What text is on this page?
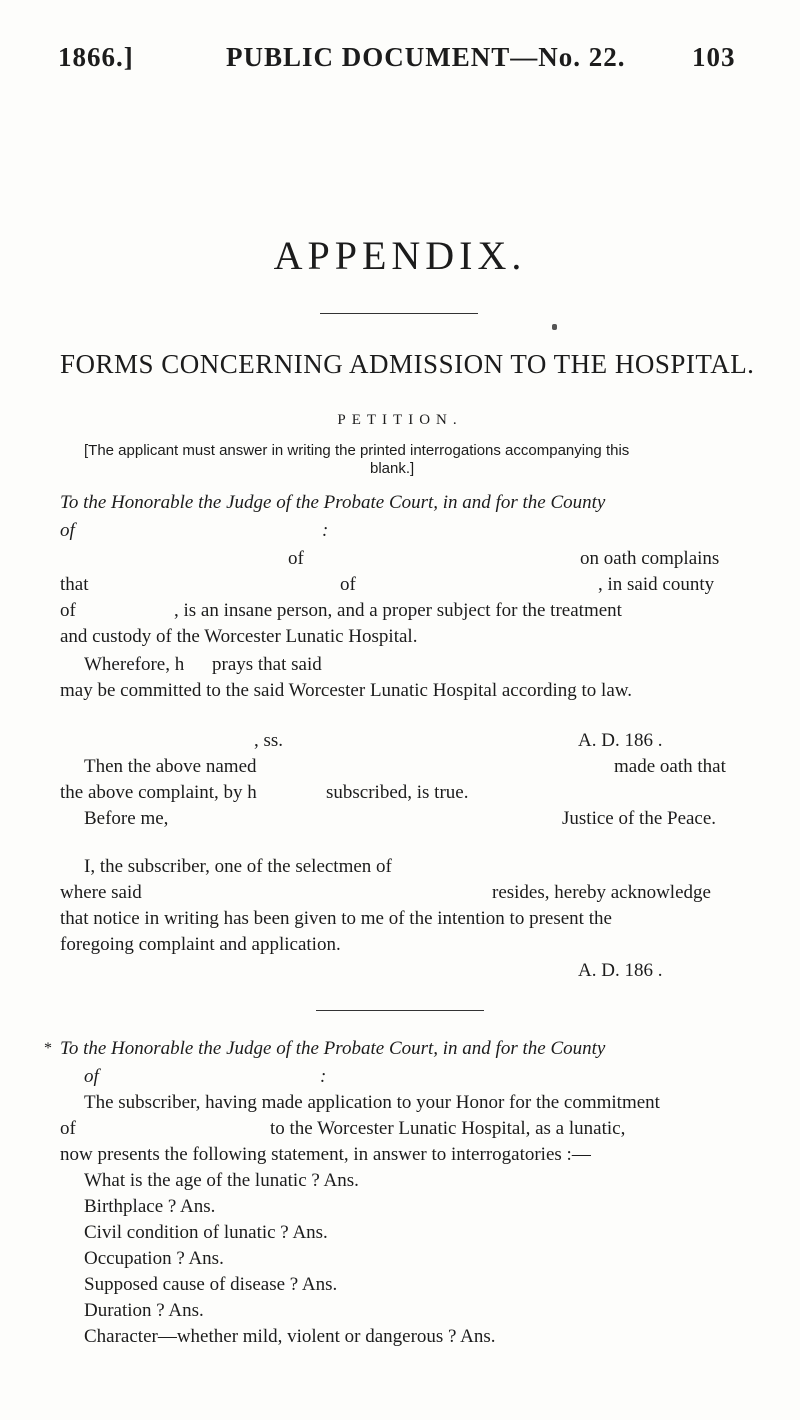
1866.]	PUBLIC DOCUMENT—No. 22. 103
APPENDIX.
FORMS CONCERNING ADMISSION TO THE HOSPITAL.
PETITION.
[The applicant must answer in writing the printed interrogations accompanying this
blank.]
To the Honorable the Judge of the Probate Court, in and for the County
of	:
of	on oath complains
that	of	, in said county
of	, is an insane person, and a proper subject for the treatment
and custody of the Worcester Lunatic Hospital.
Wherefore, h prays that said
may be committed to the said Worcester Lunatic Hospital according to law.
, ss.	A. D. 186 .
Then the above named	made oath that
the above complaint, by h	subscribed, is true.
Before me,	Justice of the Peace.
I, the subscriber, one of the selectmen of
where said	resides, hereby acknowledge
that notice in writing has been given to me of the intention to present the
foregoing complaint and application.
A. D. 186 .
* To the Honorable the Judge of the Probate Court, in and for the County
of	:
The subscriber, having made application to your Honor for the commitment
of	to the Worcester Lunatic Hospital, as a lunatic,
now presents the following statement, in answer to interrogatories :—
What is the age of the lunatic ? Ans.
Birthplace ? Ans.
Civil condition of lunatic ? Ans.
Occupation ? Ans.
Supposed cause of disease ? Ans.
Duration ? Ans.
Character—whether mild, violent or dangerous ? Ans.
